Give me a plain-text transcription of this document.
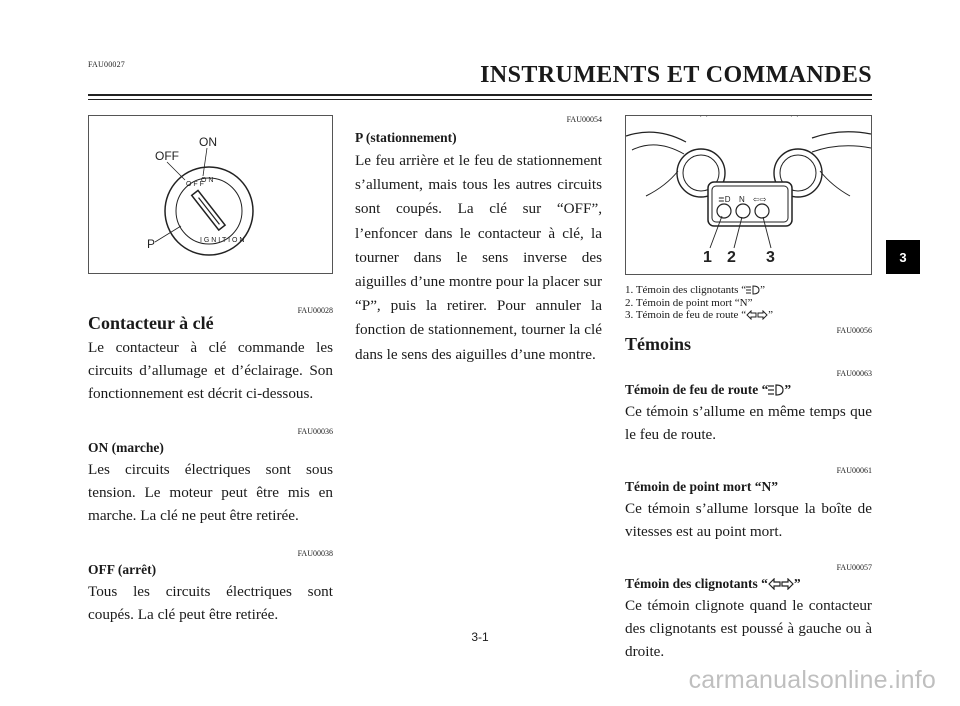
FAU00027	INSTRUMENTS ET COMMANDES
O F F
O N
I G N I T I O N
OFF
ON
P
FAU00028
Contacteur à clé
Le contacteur à clé commande les circuits d’allumage et d’éclairage. Son fonctionnement est décrit ci-dessous.
FAU00036
ON (marche)
Les circuits électriques sont sous tension. Le moteur peut être mis en marche. La clé ne peut être retirée.
FAU00038
OFF (arrêt)
Tous les circuits électriques sont coupés. La clé peut être retirée.
FAU00054
P (stationnement)
Le feu arrière et le feu de stationnement s’allument, mais tous les autres circuits sont coupés. La clé sur “OFF”, l’enfoncer dans le contacteur à clé, la tourner dans le sens inverse des aiguilles d’une montre pour la placer sur “P”, puis la retirer. Pour annuler la fonction de stationnement, tourner la clé dans le sens des aiguilles d’une montre.
≣D N ⇦⇨
1 2 3
1. Témoin des clignotants “ ”
2. Témoin de point mort “N”
3. Témoin de feu de route “ ”
FAU00056
Témoins
FAU00063
Témoin de feu de route “ ”
Ce témoin s’allume en même temps que le feu de route.
FAU00061
Témoin de point mort “N”
Ce témoin s’allume lorsque la boîte de vitesses est au point mort.
FAU00057
Témoin des clignotants “ ”
Ce témoin clignote quand le contacteur des clignotants est poussé à gauche ou à droite.
3
3-1
carmanualsonline.info
